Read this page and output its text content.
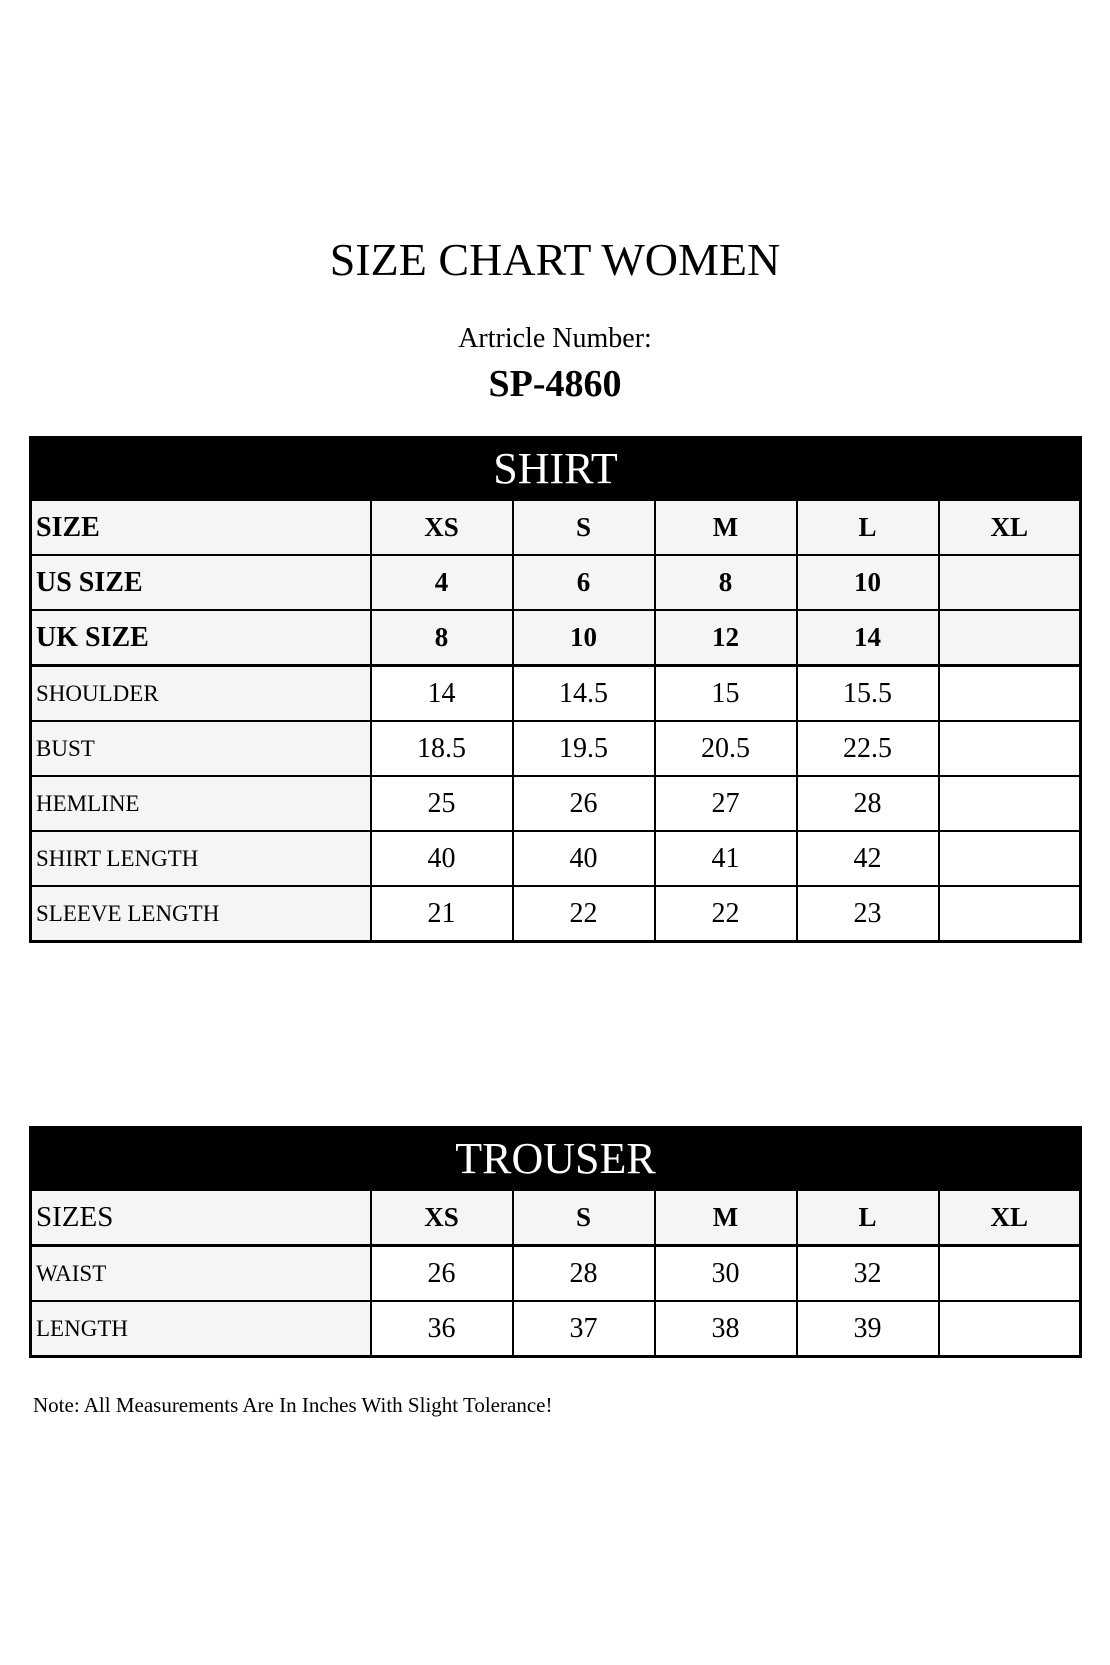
SIZE CHART WOMEN
Artricle Number:
SP-4860
SHIRT					
SIZE	XS	S	M	L	XL
US SIZE	4	6	8	10	
UK SIZE	8	10	12	14	
SHOULDER	14	14.5	15	15.5	
BUST	18.5	19.5	20.5	22.5	
HEMLINE	25	26	27	28	
SHIRT LENGTH	40	40	41	42	
SLEEVE LENGTH	21	22	22	23	
TROUSER					
SIZES	XS	S	M	L	XL
WAIST	26	28	30	32	
LENGTH	36	37	38	39	
Note: All Measurements Are In Inches With Slight Tolerance!
